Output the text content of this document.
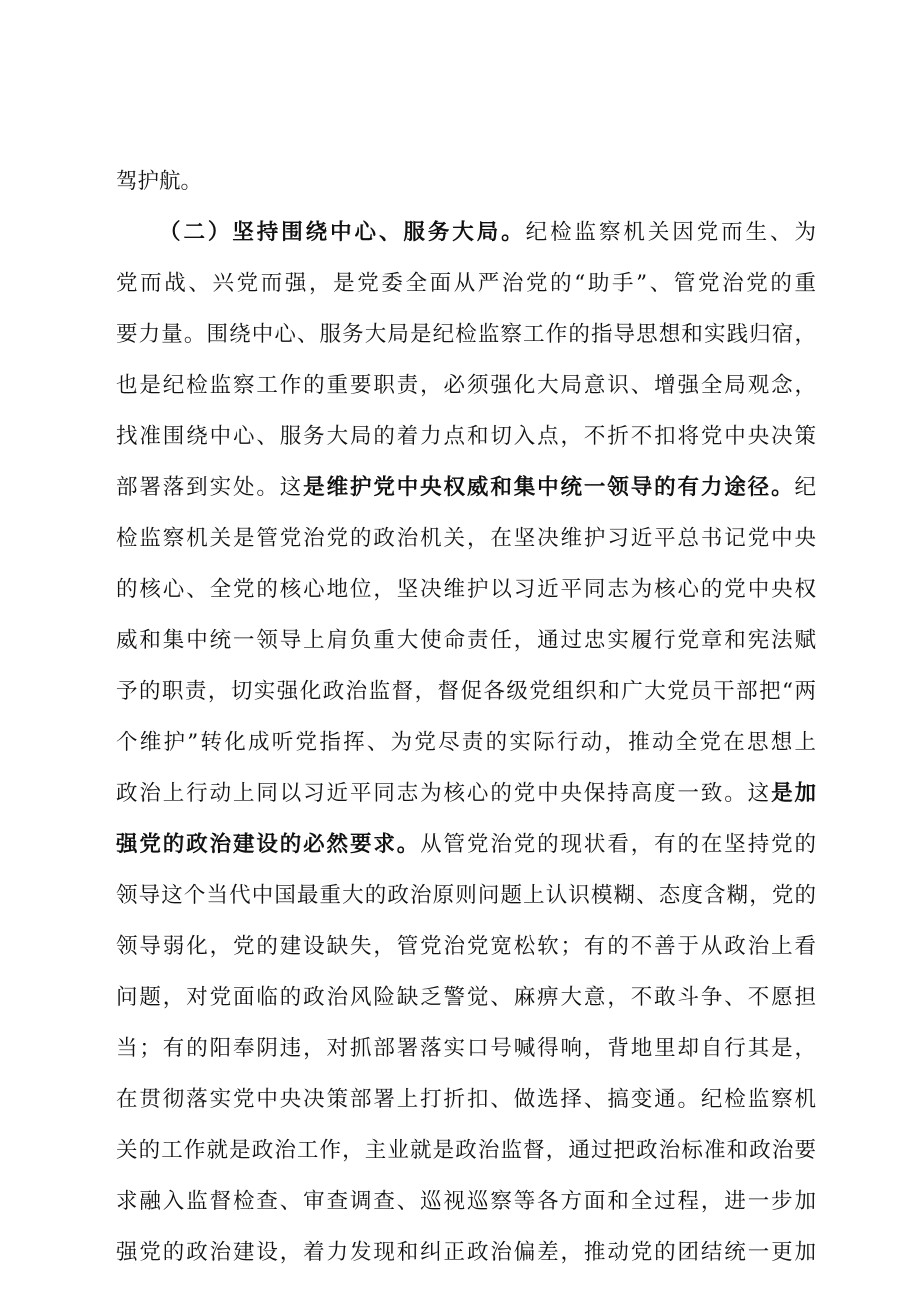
驾护航。
（二）坚持围绕中心、服务大局。纪检监察机关因党而生、为
党而战、兴党而强，是党委全面从严治党的“助手”、管党治党的重
要力量。围绕中心、服务大局是纪检监察工作的指导思想和实践归宿，
也是纪检监察工作的重要职责，必须强化大局意识、增强全局观念，
找准围绕中心、服务大局的着力点和切入点，不折不扣将党中央决策
部署落到实处。这是维护党中央权威和集中统一领导的有力途径。纪
检监察机关是管党治党的政治机关，在坚决维护习近平总书记党中央
的核心、全党的核心地位，坚决维护以习近平同志为核心的党中央权
威和集中统一领导上肩负重大使命责任，通过忠实履行党章和宪法赋
予的职责，切实强化政治监督，督促各级党组织和广大党员干部把“两
个维护”转化成听党指挥、为党尽责的实际行动，推动全党在思想上
政治上行动上同以习近平同志为核心的党中央保持高度一致。这是加
强党的政治建设的必然要求。从管党治党的现状看，有的在坚持党的
领导这个当代中国最重大的政治原则问题上认识模糊、态度含糊，党的
领导弱化，党的建设缺失，管党治党宽松软；有的不善于从政治上看
问题，对党面临的政治风险缺乏警觉、麻痹大意，不敢斗争、不愿担
当；有的阳奉阴违，对抓部署落实口号喊得响，背地里却自行其是，
在贯彻落实党中央决策部署上打折扣、做选择、搞变通。纪检监察机
关的工作就是政治工作，主业就是政治监督，通过把政治标准和政治要
求融入监督检查、审查调查、巡视巡察等各方面和全过程，进一步加
强党的政治建设，着力发现和纠正政治偏差，推动党的团结统一更加
